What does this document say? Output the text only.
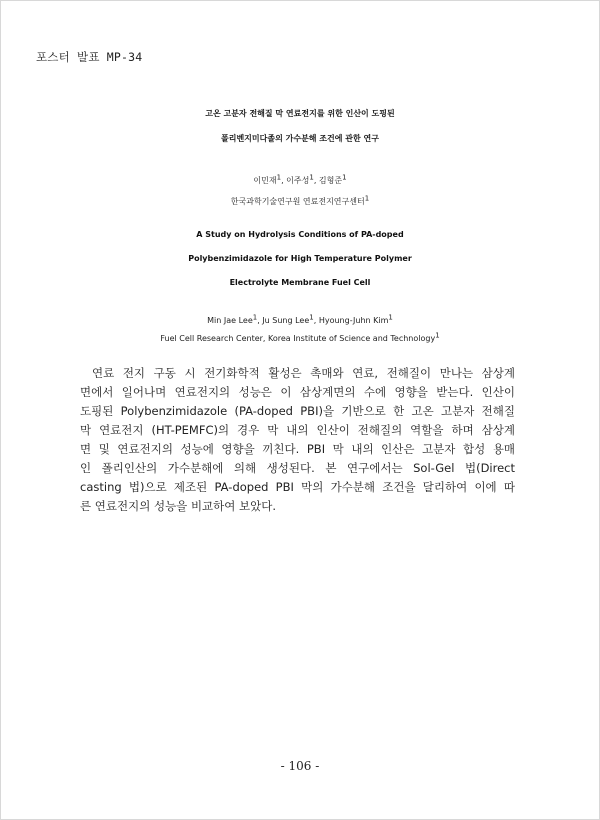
포스터 발표 MP-34
고온 고분자 전해질 막 연료전지를 위한 인산이 도핑된
폴리벤지미다졸의 가수분해 조건에 관한 연구
이민재$^1$, 이주성$^1$, 김형준$^1$
한국과학기술연구원 연료전지연구센터$^1$
A Study on Hydrolysis Conditions of PA-doped
Polybenzimidazole for High Temperature Polymer
Electrolyte Membrane Fuel Cell
Min Jae Lee$^1$, Ju Sung Lee$^1$, Hyoung-Juhn Kim$^1$
Fuel Cell Research Center, Korea Institute of Science and Technology$^1$
연료 전지 구동 시 전기화학적 활성은 촉매와 연료, 전해질이 만나는 삼상계
면에서 일어나며 연료전지의 성능은 이 삼상계면의 수에 영향을 받는다. 인산이
도핑된 Polybenzimidazole (PA-doped PBI)을 기반으로 한 고온 고분자 전해질
막 연료전지 (HT-PEMFC)의 경우 막 내의 인산이 전해질의 역할을 하며 삼상계
면 및 연료전지의 성능에 영향을 끼친다. PBI 막 내의 인산은 고분자 합성 용매
인 폴리인산의 가수분해에 의해 생성된다. 본 연구에서는 Sol-Gel 법(Direct
casting 법)으로 제조된 PA-doped PBI 막의 가수분해 조건을 달리하여 이에 따
른 연료전지의 성능을 비교하여 보았다.
- 106 -
